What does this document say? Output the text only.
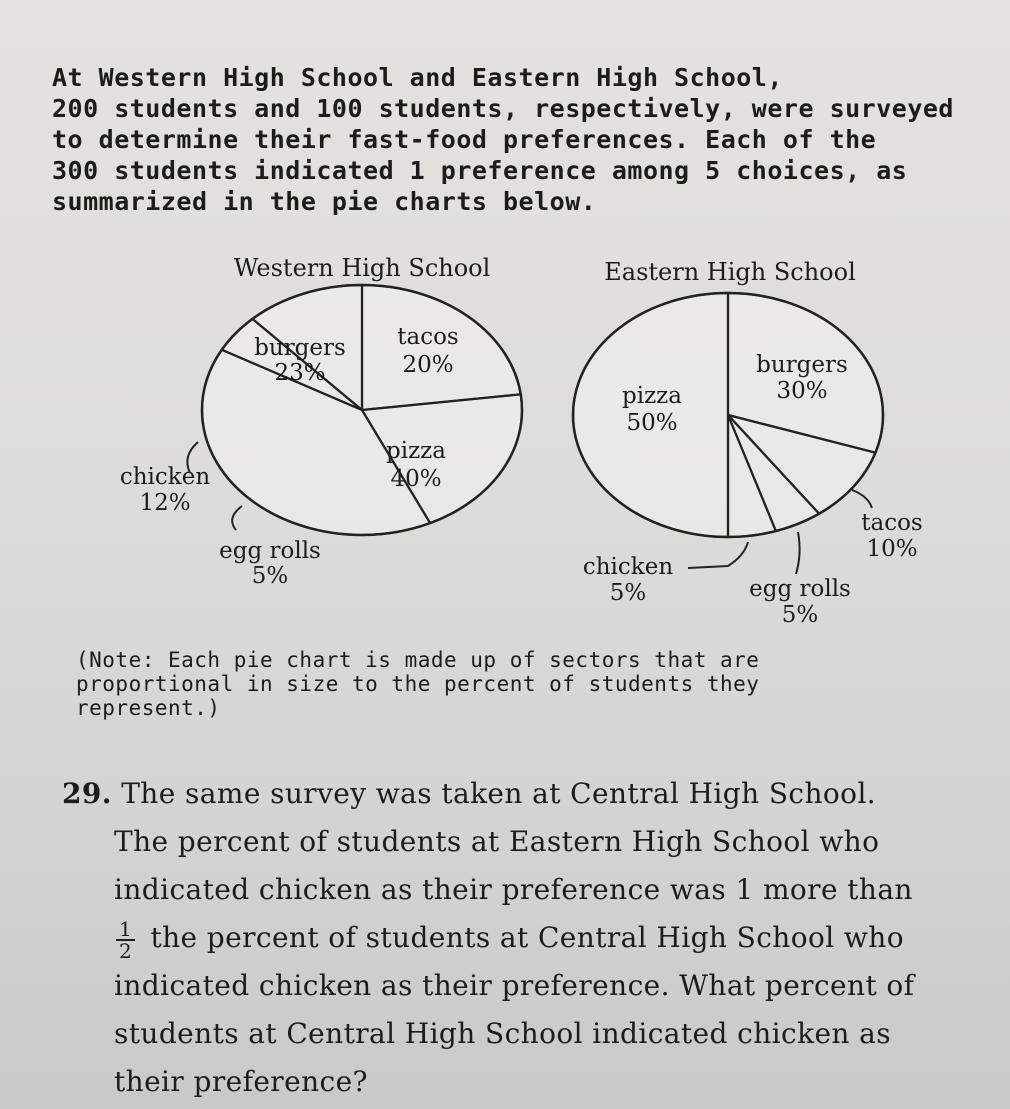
At Western High School and Eastern High School,
200 students and 100 students, respectively, were surveyed
to determine their fast-food preferences. Each of the
300 students indicated 1 preference among 5 choices, as
summarized in the pie charts below.
Western High School	Eastern High School
burgers
23%
tacos
20%
pizza
40%
chicken
12%
egg rolls
5%
pizza
50%
burgers
30%
tacos
10%
chicken
5%	egg rolls
5%
(Note: Each pie chart is made up of sectors that are
proportional in size to the percent of students they
represent.)
29. The same survey was taken at Central High School.
The percent of students at Eastern High School who
indicated chicken as their preference was 1 more than
$\frac{1}{2}$ the percent of students at Central High School who
indicated chicken as their preference. What percent of
students at Central High School indicated chicken as
their preference?
